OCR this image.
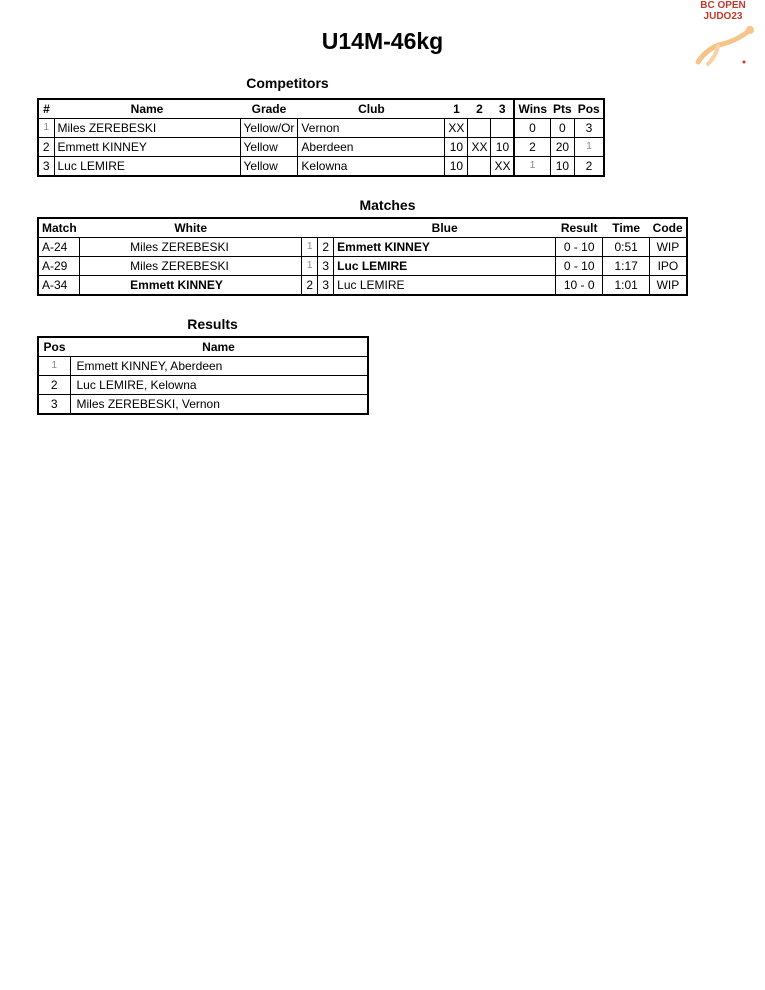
BC OPEN
JUDO23
U14M-46kg
Competitors
#	Name	Grade	Club	1	2	3	Wins	Pts	Pos
1	Miles ZEREBESKI	Yellow/Or	Vernon	XX			0	0	3
2	Emmett KINNEY	Yellow	Aberdeen	10	XX	10	2	20	1
3	Luc LEMIRE	Yellow	Kelowna	10		XX	1	10	2
Matches
Match	White			Blue	Result	Time	Code
A-24	Miles ZEREBESKI	1	2	Emmett KINNEY	0 - 10	0:51	WIP
A-29	Miles ZEREBESKI	1	3	Luc LEMIRE	0 - 10	1:17	IPO
A-34	Emmett KINNEY	2	3	Luc LEMIRE	10 - 0	1:01	WIP
Results
Pos	Name
1	Emmett KINNEY, Aberdeen
2	Luc LEMIRE, Kelowna
3	Miles ZEREBESKI, Vernon
